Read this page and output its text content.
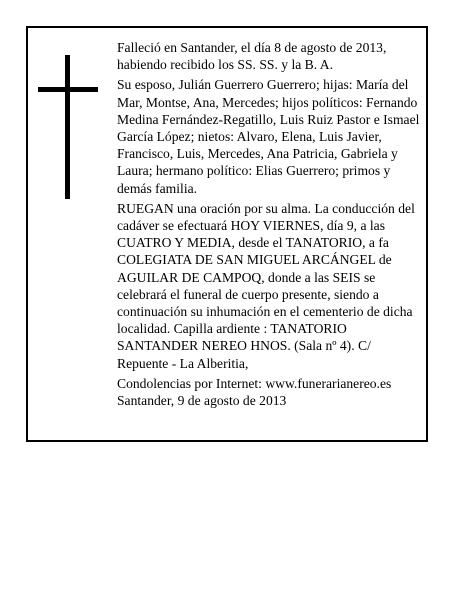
Falleció en Santander, el día 8 de agosto de 2013, habiendo recibido los SS. SS. y la B. A.

Su esposo, Julián Guerrero Guerrero; hijas: María del Mar, Montse, Ana, Mercedes; hijos políticos: Fernando Medina Fernández-Regatillo, Luis Ruiz Pastor e Ismael García López; nietos: Alvaro, Elena, Luis Javier, Francisco, Luis, Mercedes, Ana Patricia, Gabriela y Laura; hermano político: Elias Guerrero; primos y demás familia.

RUEGAN una oración por su alma. La conducción del cadáver se efectuará HOY VIERNES, día 9, a las CUATRO Y MEDIA, desde el TANATORIO, a fa COLEGIATA DE SAN MIGUEL ARCÁNGEL de AGUILAR DE CAMPOQ, donde a las SEIS se celebrará el funeral de cuerpo presente, siendo a continuación su inhumación en el cementerio de dicha localidad. Capilla ardiente : TANATORIO SANTANDER NEREO HNOS. (Sala nº 4). C/ Repuente - La Alberitia,

Condolencias por Internet: www.funerarianereo.es

Santander, 9 de agosto de 2013
